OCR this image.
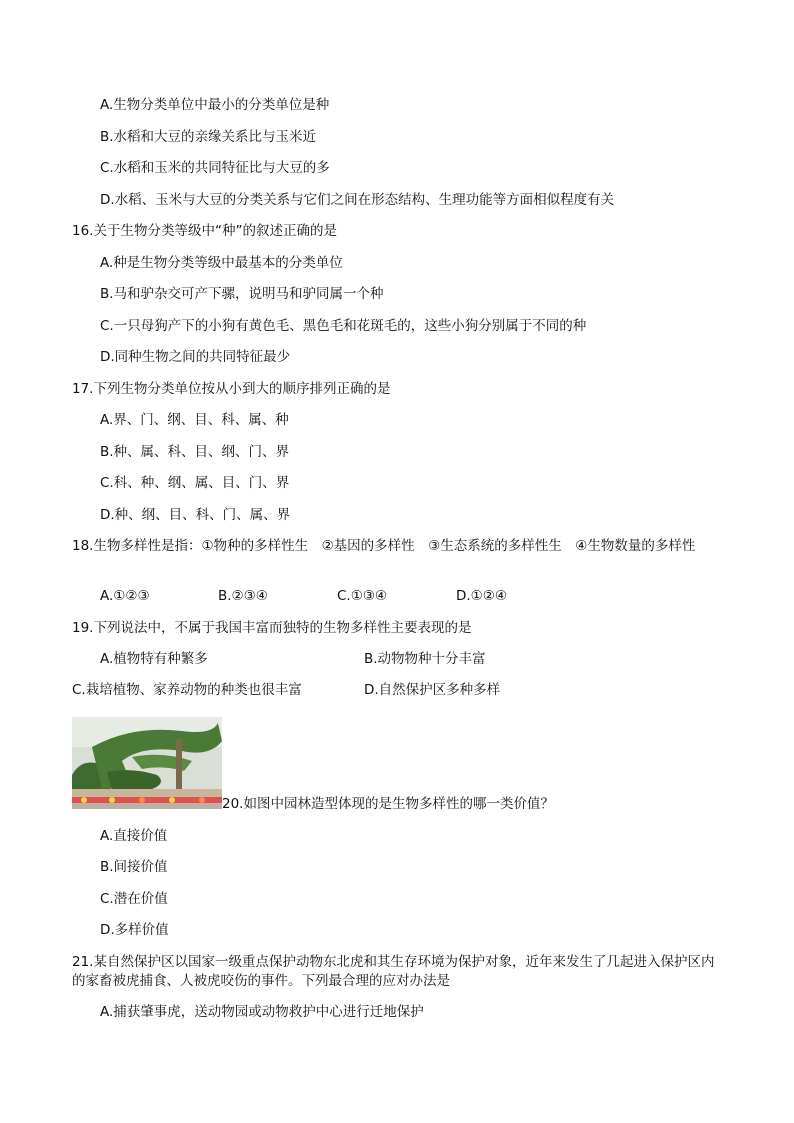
A.生物分类单位中最小的分类单位是种
B.水稻和大豆的亲缘关系比与玉米近
C.水稻和玉米的共同特征比与大豆的多
D.水稻、玉米与大豆的分类关系与它们之间在形态结构、生理功能等方面相似程度有关
16.关于生物分类等级中“种”的叙述正确的是
A.种是生物分类等级中最基本的分类单位
B.马和驴杂交可产下骡，说明马和驴同属一个种
C.一只母狗产下的小狗有黄色毛、黑色毛和花斑毛的，这些小狗分别属于不同的种
D.同种生物之间的共同特征最少
17.下列生物分类单位按从小到大的顺序排列正确的是
A.界、门、纲、目、科、属、种
B.种、属、科、目、纲、门、界
C.科、种、纲、属、目、门、界
D.种、纲、目、科、门、属、界
18.生物多样性是指：①物种的多样性生　②基因的多样性　③生态系统的多样性生　④生物数量的多样性
A.①②③	B.②③④	C.①③④	D.①②④
19.下列说法中，不属于我国丰富而独特的生物多样性主要表现的是
A.植物特有种繁多	B.动物物种十分丰富
C.栽培植物、家养动物的种类也很丰富	D.自然保护区多种多样
20.如图中园林造型体现的是生物多样性的哪一类价值？
A.直接价值
B.间接价值
C.潜在价值
D.多样价值
21.某自然保护区以国家一级重点保护动物东北虎和其生存环境为保护对象，近年来发生了几起进入保护区内的家畜被虎捕食、人被虎咬伤的事件。下列最合理的应对办法是
A.捕获肇事虎，送动物园或动物救护中心进行迁地保护
